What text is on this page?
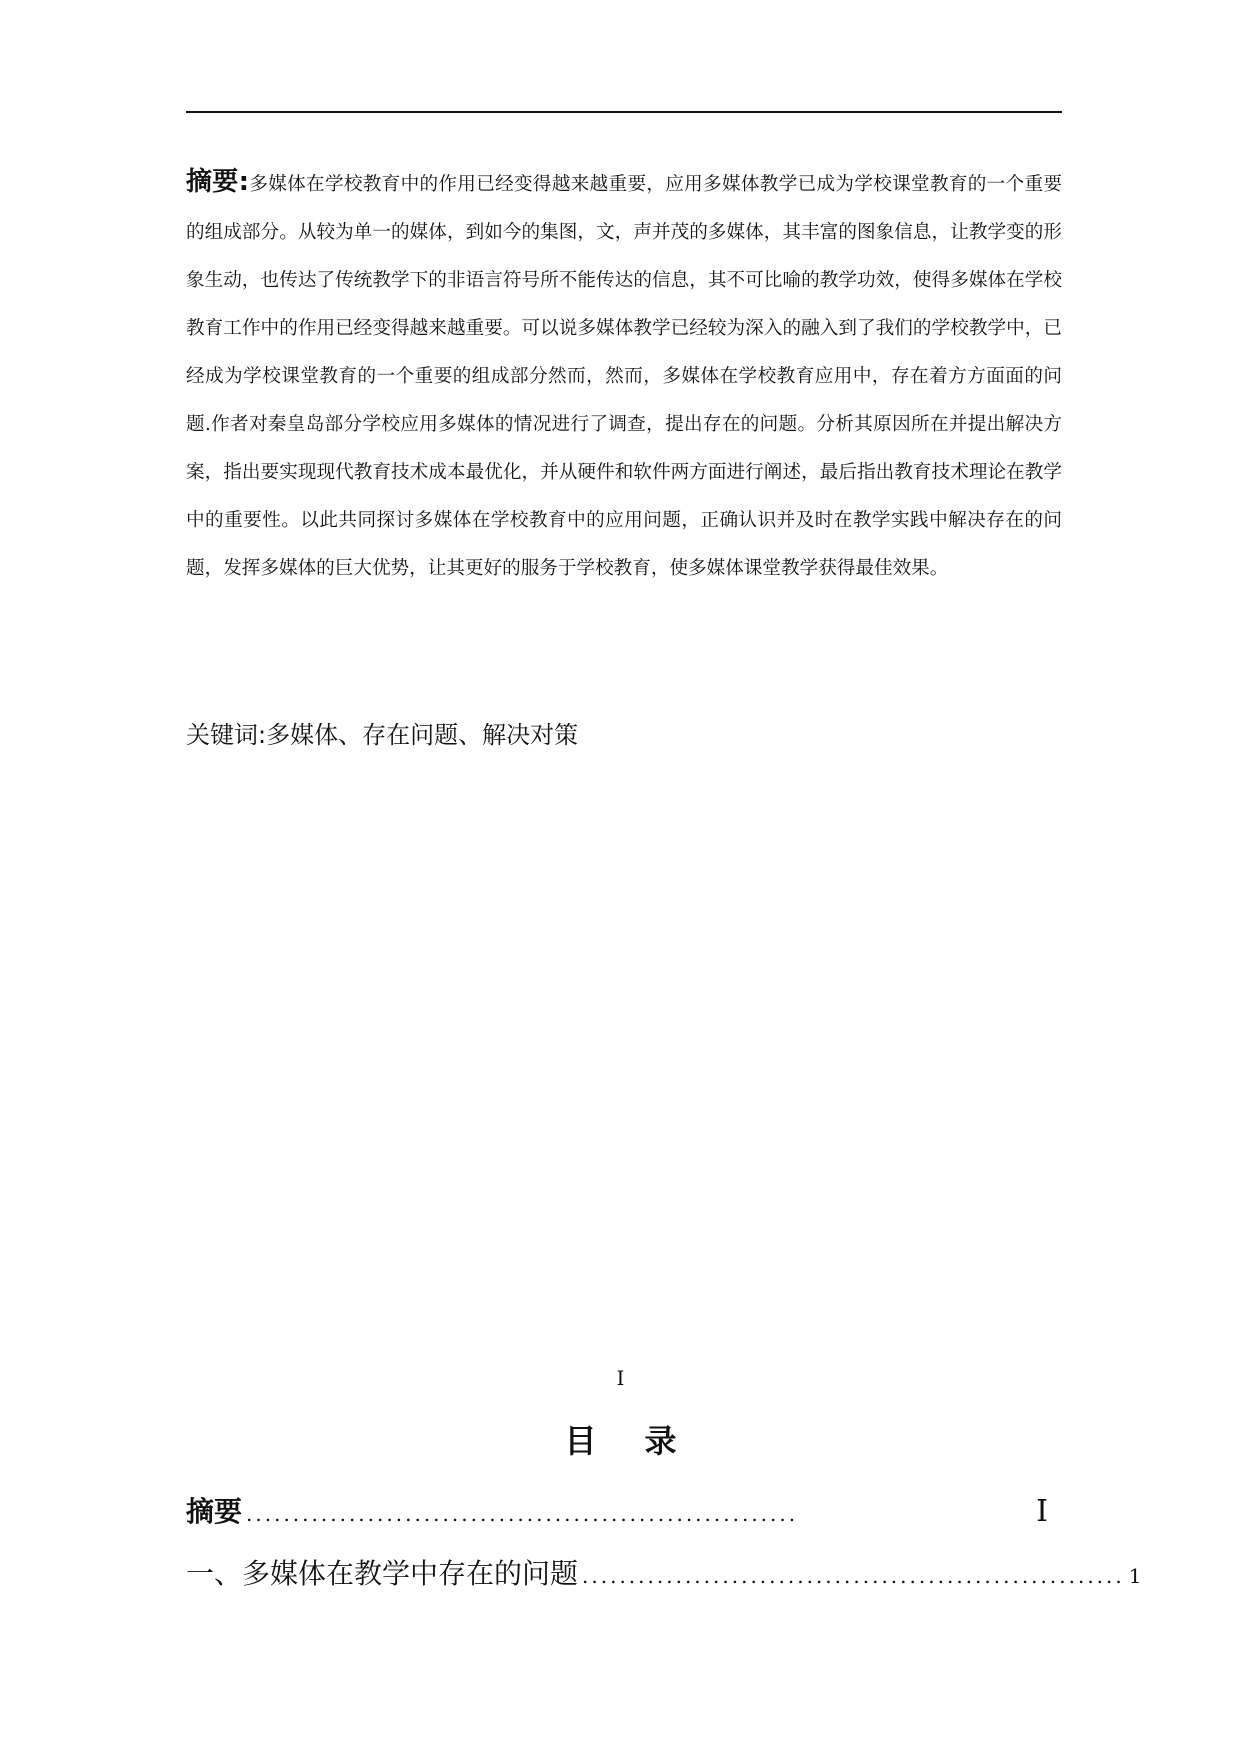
摘要:多媒体在学校教育中的作用已经变得越来越重要，应用多媒体教学已成为学校课堂教育的一个重要的组成部分。从较为单一的媒体，到如今的集图，文，声并茂的多媒体，其丰富的图象信息，让教学变的形象生动，也传达了传统教学下的非语言符号所不能传达的信息，其不可比喻的教学功效，使得多媒体在学校教育工作中的作用已经变得越来越重要。可以说多媒体教学已经较为深入的融入到了我们的学校教学中，已经成为学校课堂教育的一个重要的组成部分然而，然而，多媒体在学校教育应用中，存在着方方面面的问题.作者对秦皇岛部分学校应用多媒体的情况进行了调查，提出存在的问题。分析其原因所在并提出解决方案，指出要实现现代教育技术成本最优化，并从硬件和软件两方面进行阐述，最后指出教育技术理论在教学中的重要性。以此共同探讨多媒体在学校教育中的应用问题，正确认识并及时在教学实践中解决存在的问题，发挥多媒体的巨大优势，让其更好的服务于学校教育，使多媒体课堂教学获得最佳效果。
关键词:多媒体、存在问题、解决对策
I
目录
摘要 ...........................................................	I
一、多媒体在教学中存在的问题 .......................................................... 1
